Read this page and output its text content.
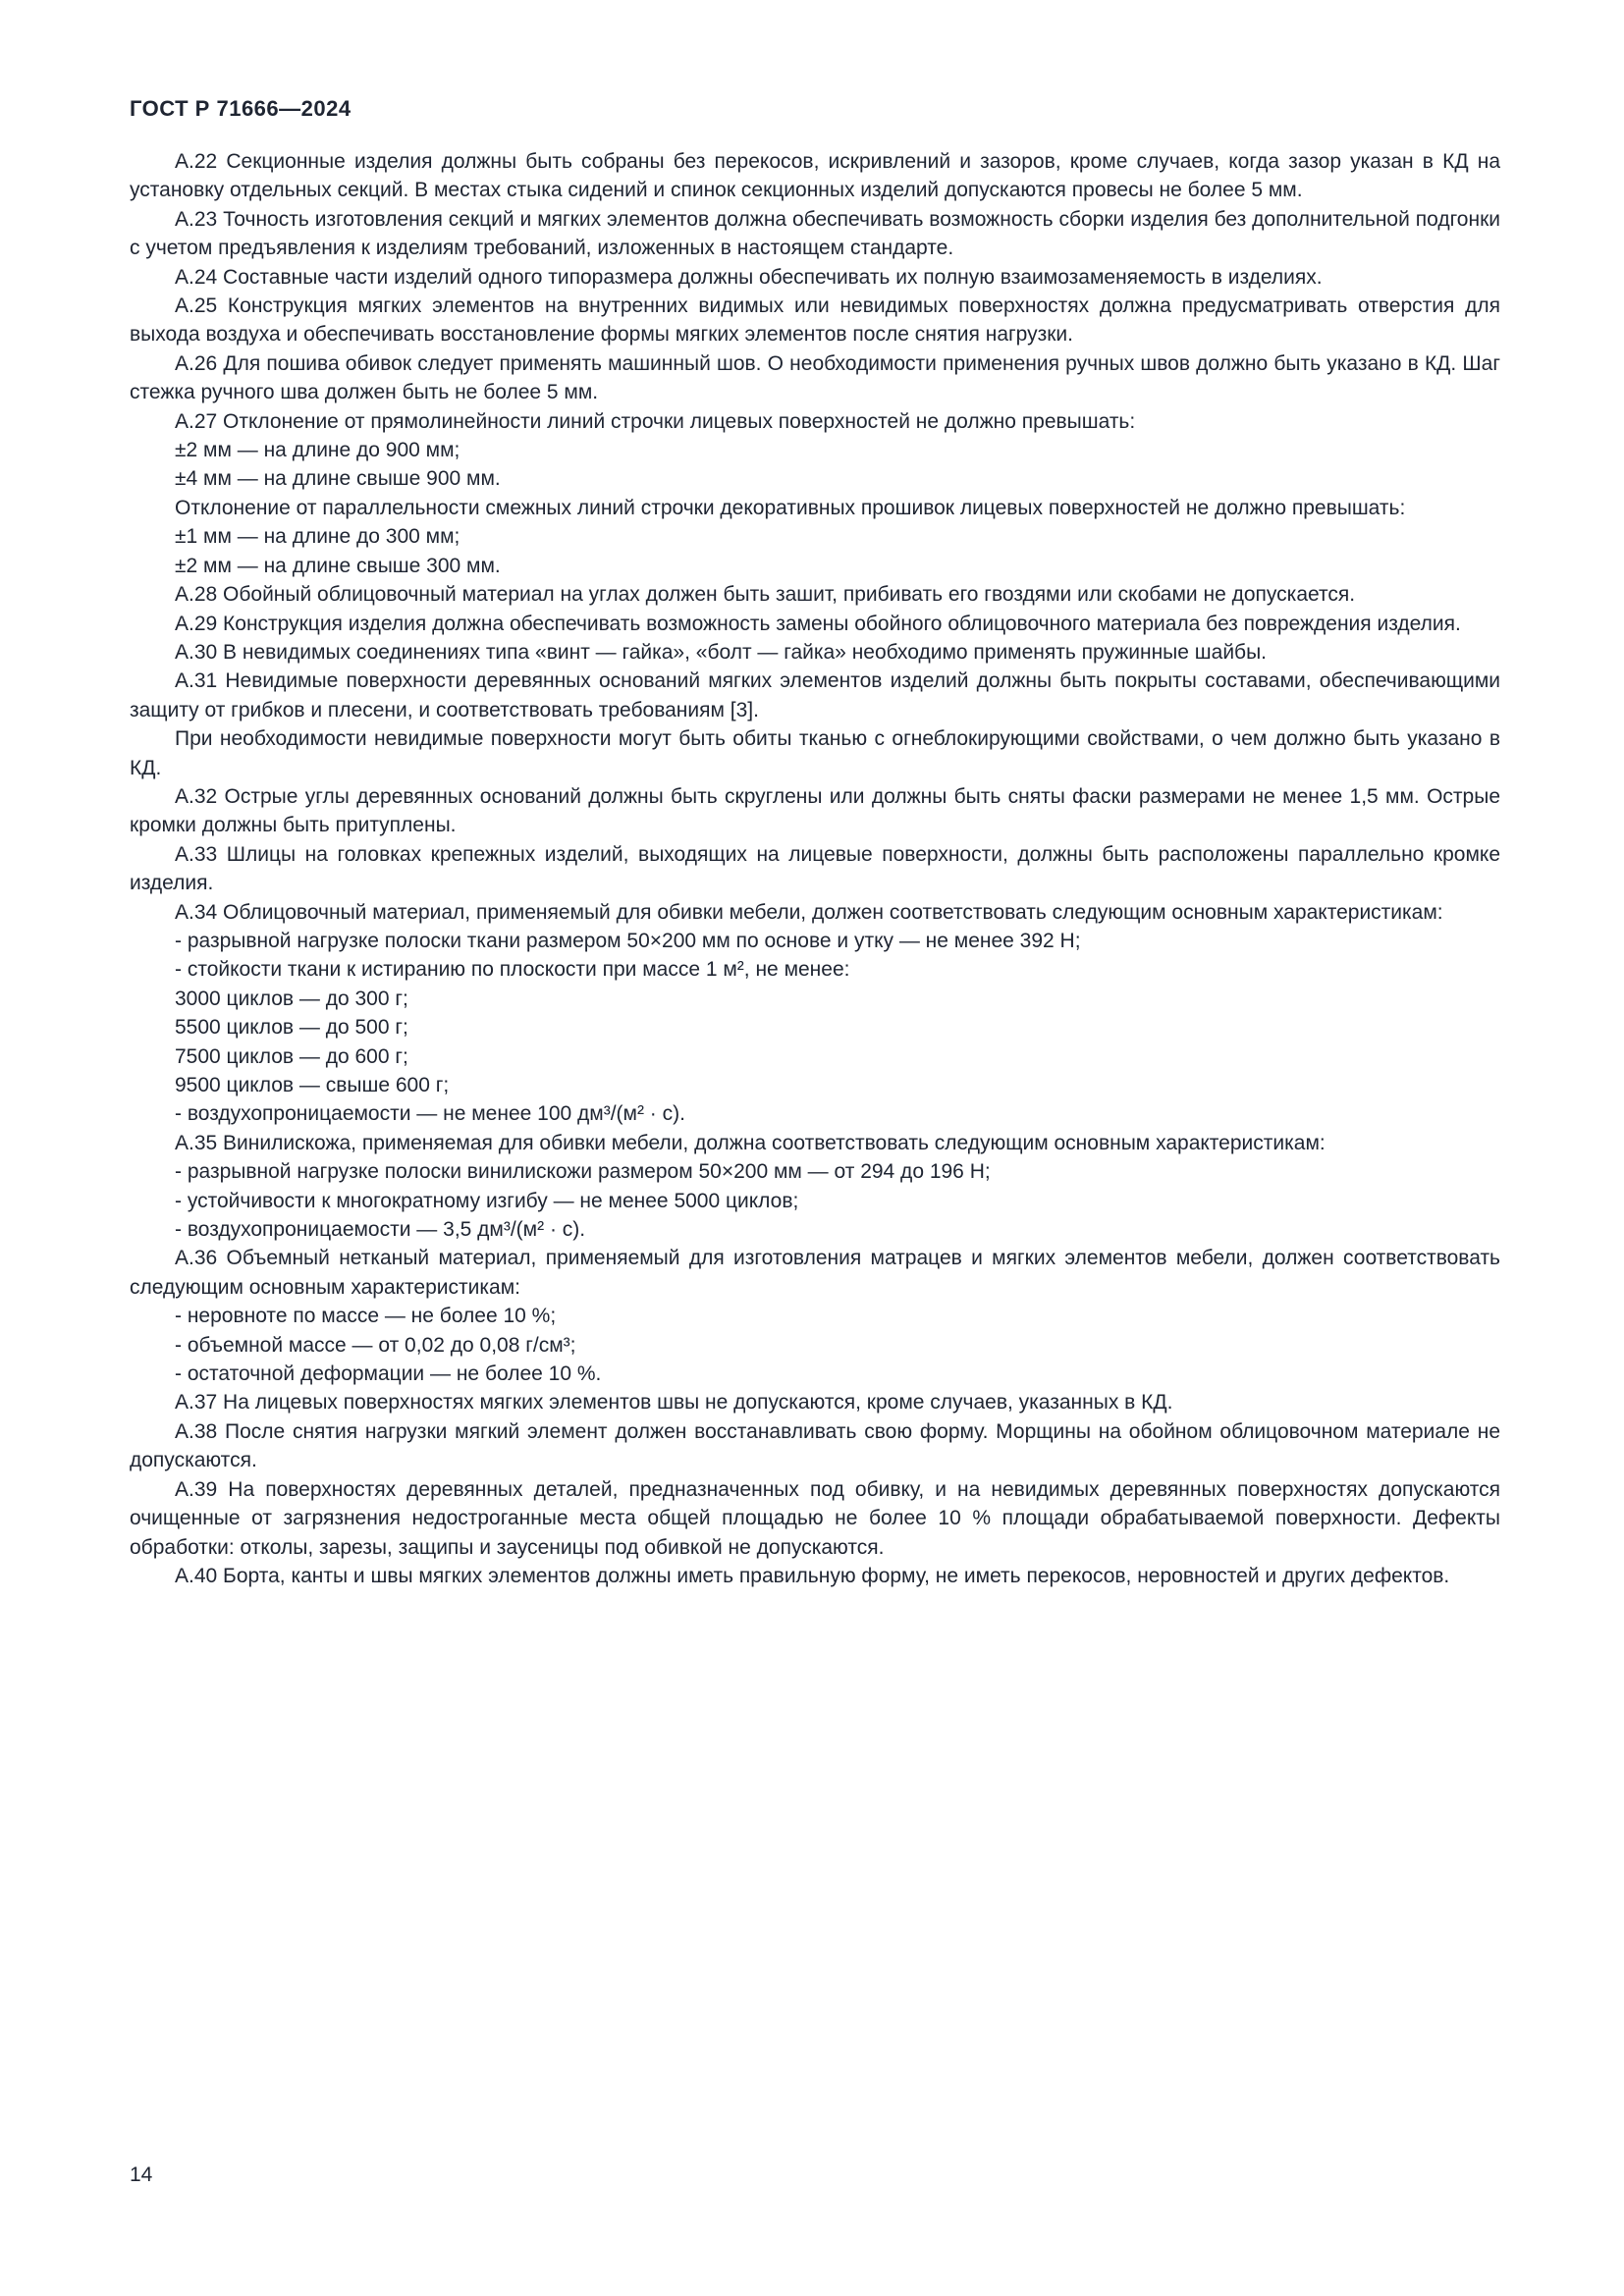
ГОСТ Р 71666—2024
А.22 Секционные изделия должны быть собраны без перекосов, искривлений и зазоров, кроме случаев, когда зазор указан в КД на установку отдельных секций. В местах стыка сидений и спинок секционных изделий допускаются провесы не более 5 мм.
А.23 Точность изготовления секций и мягких элементов должна обеспечивать возможность сборки изделия без дополнительной подгонки с учетом предъявления к изделиям требований, изложенных в настоящем стандарте.
А.24 Составные части изделий одного типоразмера должны обеспечивать их полную взаимозаменяемость в изделиях.
А.25 Конструкция мягких элементов на внутренних видимых или невидимых поверхностях должна предусматривать отверстия для выхода воздуха и обеспечивать восстановление формы мягких элементов после снятия нагрузки.
А.26 Для пошива обивок следует применять машинный шов. О необходимости применения ручных швов должно быть указано в КД. Шаг стежка ручного шва должен быть не более 5 мм.
А.27 Отклонение от прямолинейности линий строчки лицевых поверхностей не должно превышать:
±2 мм — на длине до 900 мм;
±4 мм — на длине свыше 900 мм.
Отклонение от параллельности смежных линий строчки декоративных прошивок лицевых поверхностей не должно превышать:
±1 мм — на длине до 300 мм;
±2 мм — на длине свыше 300 мм.
А.28 Обойный облицовочный материал на углах должен быть зашит, прибивать его гвоздями или скобами не допускается.
А.29 Конструкция изделия должна обеспечивать возможность замены обойного облицовочного материала без повреждения изделия.
А.30 В невидимых соединениях типа «винт — гайка», «болт — гайка» необходимо применять пружинные шайбы.
А.31 Невидимые поверхности деревянных оснований мягких элементов изделий должны быть покрыты составами, обеспечивающими защиту от грибков и плесени, и соответствовать требованиям [3].
При необходимости невидимые поверхности могут быть обиты тканью с огнеблокирующими свойствами, о чем должно быть указано в КД.
А.32 Острые углы деревянных оснований должны быть скруглены или должны быть сняты фаски размерами не менее 1,5 мм. Острые кромки должны быть притуплены.
А.33 Шлицы на головках крепежных изделий, выходящих на лицевые поверхности, должны быть расположены параллельно кромке изделия.
А.34 Облицовочный материал, применяемый для обивки мебели, должен соответствовать следующим основным характеристикам:
- разрывной нагрузке полоски ткани размером 50×200 мм по основе и утку — не менее 392 Н;
- стойкости ткани к истиранию по плоскости при массе 1 м², не менее:
3000 циклов — до 300 г;
5500 циклов — до 500 г;
7500 циклов — до 600 г;
9500 циклов — свыше 600 г;
- воздухопроницаемости — не менее 100 дм³/(м² · с).
А.35 Винилискожа, применяемая для обивки мебели, должна соответствовать следующим основным характеристикам:
- разрывной нагрузке полоски винилискожи размером 50×200 мм — от 294 до 196 Н;
- устойчивости к многократному изгибу — не менее 5000 циклов;
- воздухопроницаемости — 3,5 дм³/(м² · с).
А.36 Объемный нетканый материал, применяемый для изготовления матрацев и мягких элементов мебели, должен соответствовать следующим основным характеристикам:
- неровноте по массе — не более 10 %;
- объемной массе — от 0,02 до 0,08 г/см³;
- остаточной деформации — не более 10 %.
А.37 На лицевых поверхностях мягких элементов швы не допускаются, кроме случаев, указанных в КД.
А.38 После снятия нагрузки мягкий элемент должен восстанавливать свою форму. Морщины на обойном облицовочном материале не допускаются.
А.39 На поверхностях деревянных деталей, предназначенных под обивку, и на невидимых деревянных поверхностях допускаются очищенные от загрязнения недостроганные места общей площадью не более 10 % площади обрабатываемой поверхности. Дефекты обработки: отколы, зарезы, защипы и заусеницы под обивкой не допускаются.
А.40 Борта, канты и швы мягких элементов должны иметь правильную форму, не иметь перекосов, неровностей и других дефектов.
14
